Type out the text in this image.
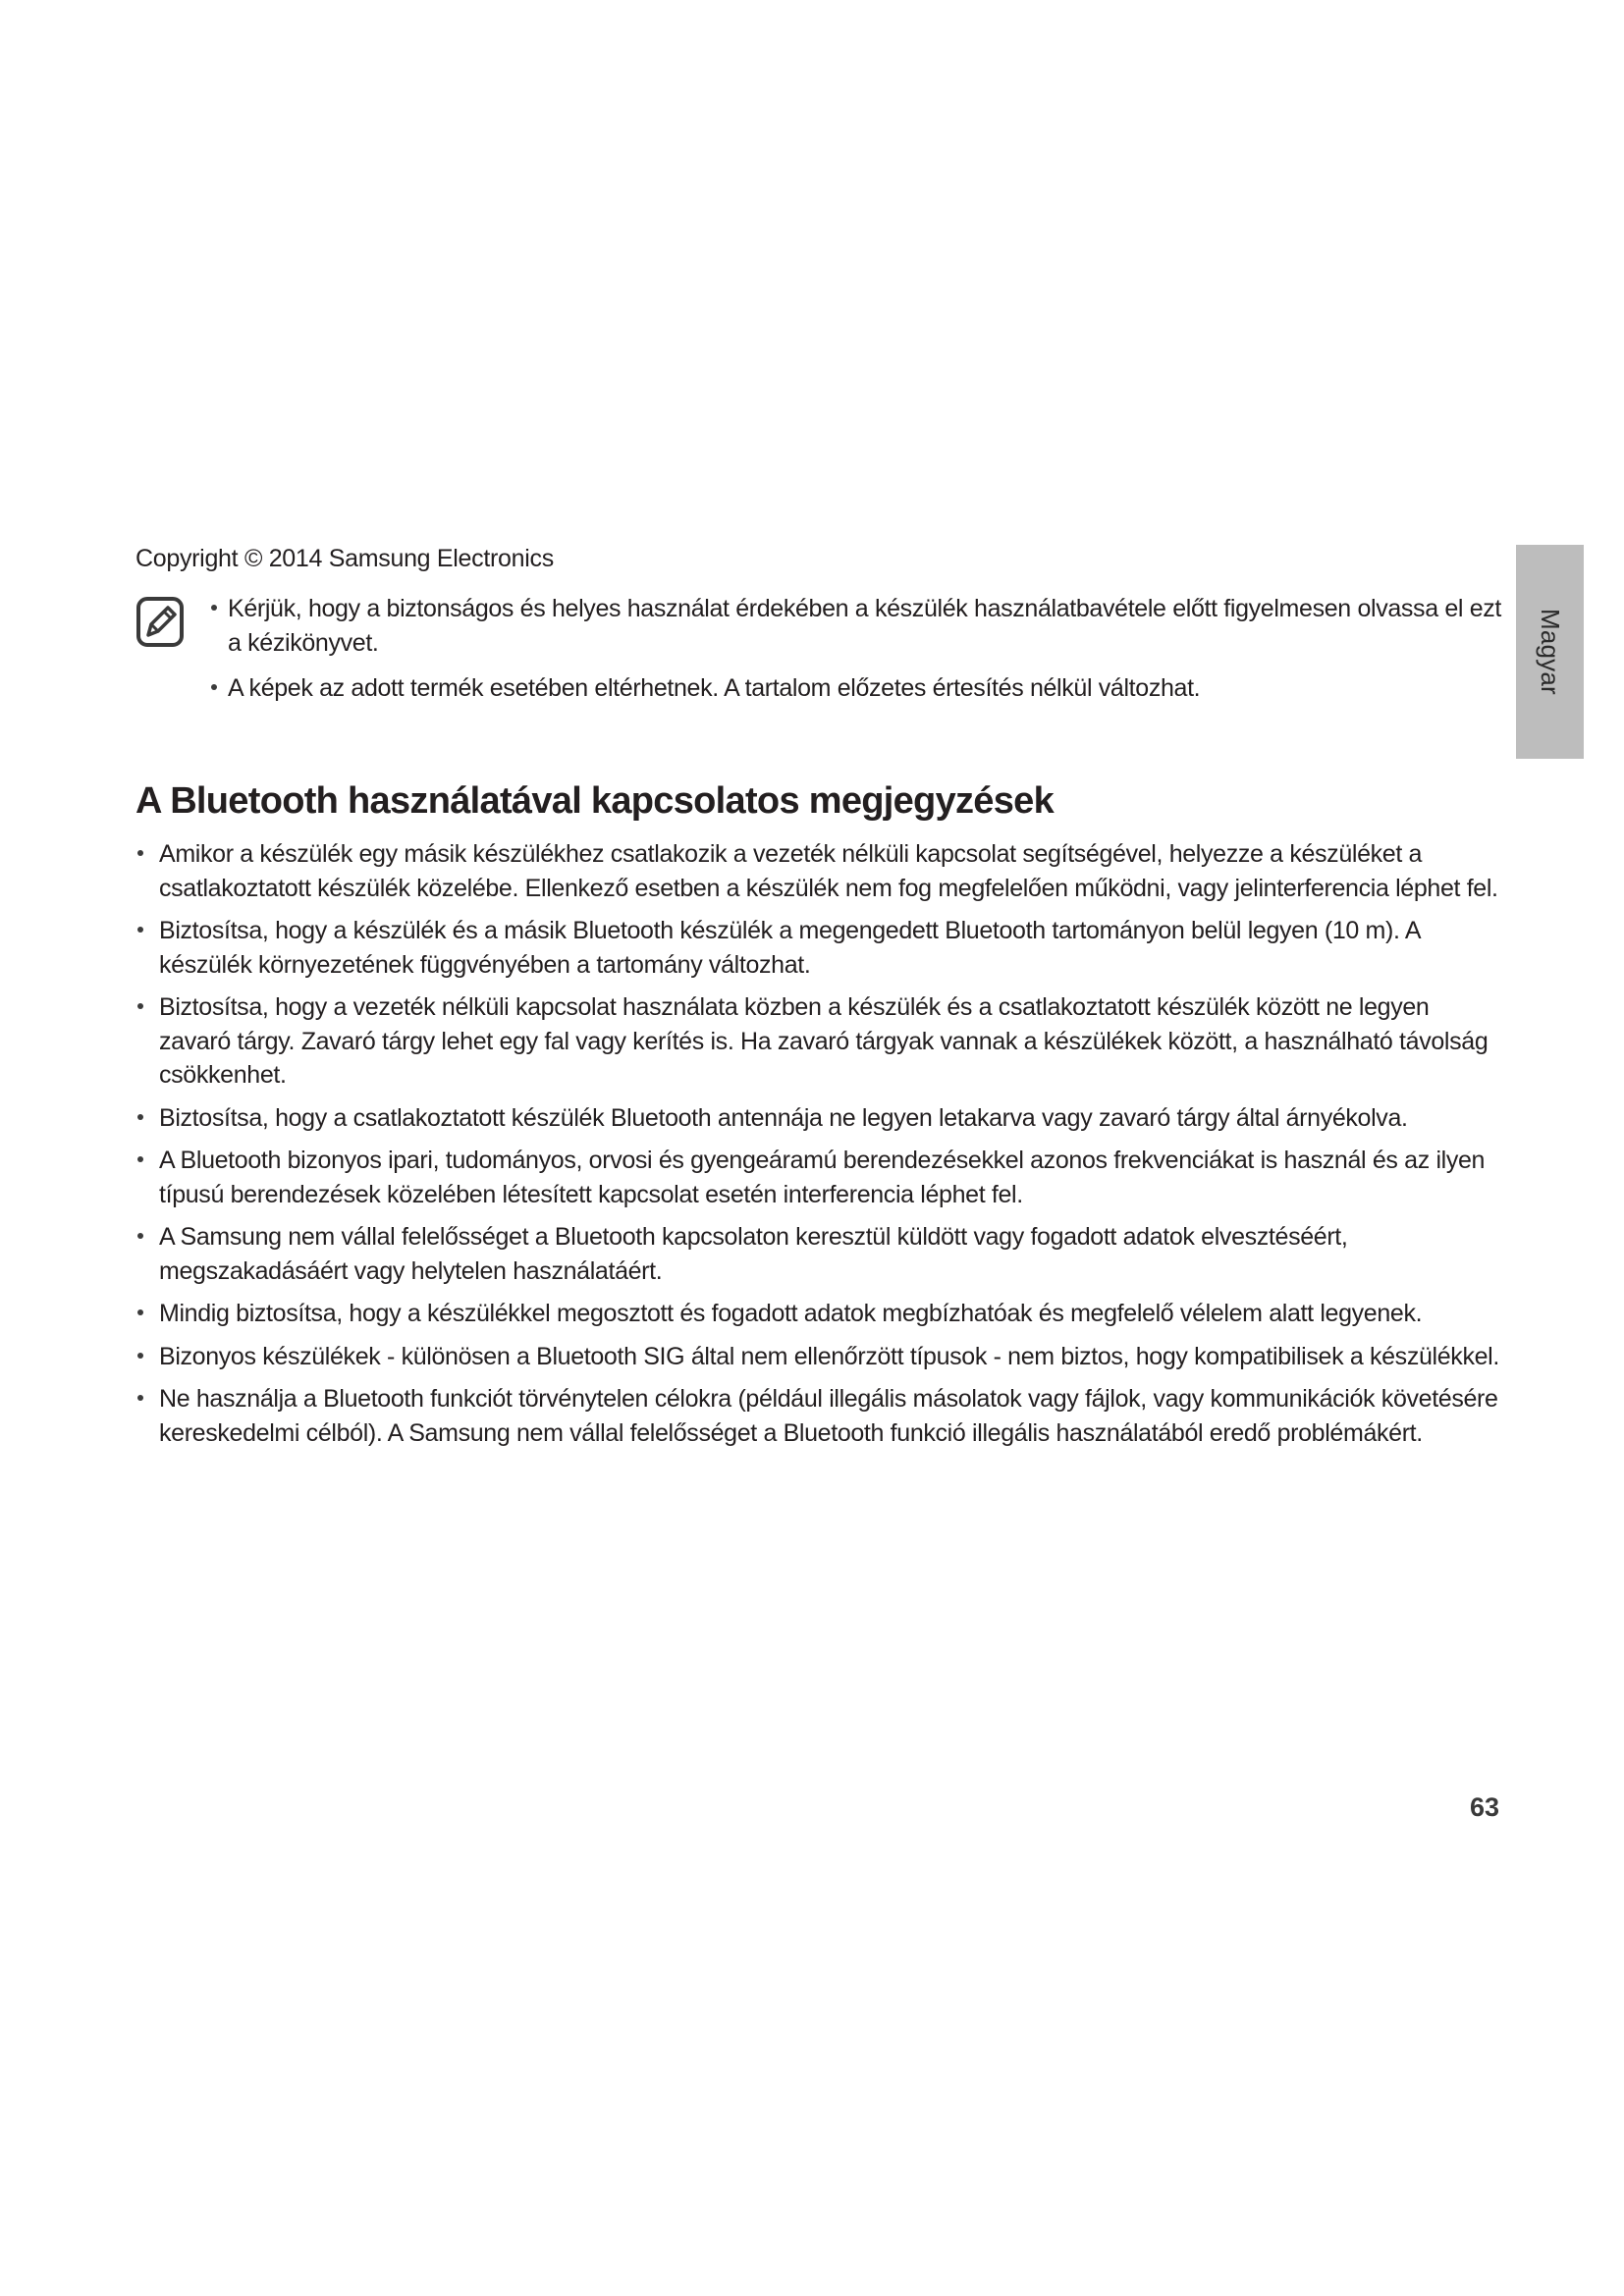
Copyright © 2014 Samsung Electronics
Kérjük, hogy a biztonságos és helyes használat érdekében a készülék használatbavétele előtt figyelmesen olvassa el ezt a kézikönyvet.
A képek az adott termék esetében eltérhetnek. A tartalom előzetes értesítés nélkül változhat.
A Bluetooth használatával kapcsolatos megjegyzések
Amikor a készülék egy másik készülékhez csatlakozik a vezeték nélküli kapcsolat segítségével, helyezze a készüléket a csatlakoztatott készülék közelébe. Ellenkező esetben a készülék nem fog megfelelően működni, vagy jelinterferencia léphet fel.
Biztosítsa, hogy a készülék és a másik Bluetooth készülék a megengedett Bluetooth tartományon belül legyen (10 m). A készülék környezetének függvényében a tartomány változhat.
Biztosítsa, hogy a vezeték nélküli kapcsolat használata közben a készülék és a csatlakoztatott készülék között ne legyen zavaró tárgy. Zavaró tárgy lehet egy fal vagy kerítés is. Ha zavaró tárgyak vannak a készülékek között, a használható távolság csökkenhet.
Biztosítsa, hogy a csatlakoztatott készülék Bluetooth antennája ne legyen letakarva vagy zavaró tárgy által árnyékolva.
A Bluetooth bizonyos ipari, tudományos, orvosi és gyengeáramú berendezésekkel azonos frekvenciákat is használ és az ilyen típusú berendezések közelében létesített kapcsolat esetén interferencia léphet fel.
A Samsung nem vállal felelősséget a Bluetooth kapcsolaton keresztül küldött vagy fogadott adatok elvesztéséért, megszakadásáért vagy helytelen használatáért.
Mindig biztosítsa, hogy a készülékkel megosztott és fogadott adatok megbízhatóak és megfelelő vélelem alatt legyenek.
Bizonyos készülékek - különösen a Bluetooth SIG által nem ellenőrzött típusok - nem biztos, hogy kompatibilisek a készülékkel.
Ne használja a Bluetooth funkciót törvénytelen célokra (például illegális másolatok vagy fájlok, vagy kommunikációk követésére kereskedelmi célból). A Samsung nem vállal felelősséget a Bluetooth funkció illegális használatából eredő problémákért.
Magyar
63
